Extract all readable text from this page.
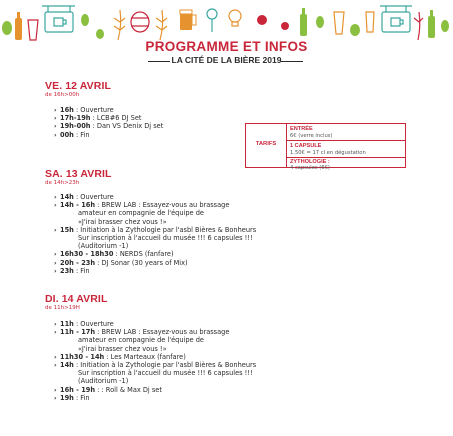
PROGRAMME ET INFOS
LA CITÉ DE LA BIÈRE 2019
VE. 12 AVRIL
de 16h>00h
› 16h : Ouverture
› 17h-19h : LCB#6 DJ Set
› 19h-00h : Dan VS Denix Dj set
› 00h : Fin
TARIFS
ENTRÉE
6€ (verre inclus)
1 CAPSULE
1.50€ = 17 cl en dégustation
ZYTHOLOGIE :
4 capsules (6€)
SA. 13 AVRIL
de 14h>23h
› 14h : Ouverture
› 14h - 16h : BREW LAB : Essayez-vous au brassage
amateur en compagnie de l'équipe de
«J'irai brasser chez vous !»
› 15h : Initiation à la Zythologie par l'asbl Bières & Bonheurs
Sur inscription à l'accueil du musée !!! 6 capsules !!!
(Auditorium -1)
› 16h30 - 18h30 : NERDS (fanfare)
› 20h - 23h : DJ Sonar (30 years of Mix)
› 23h : Fin
DI. 14 AVRIL
de 11h>19H
› 11h : Ouverture
› 11h - 17h : BREW LAB : Essayez-vous au brassage
amateur en compagnie de l'équipe de
«J'irai brasser chez vous !»
› 11h30 - 14h : Les Marteaux (fanfare)
› 14h : Initiation à la Zythologie par l'asbl Bières & Bonheurs
Sur inscription à l'accueil du musée !!! 6 capsules !!!
(Auditorium -1)
› 16h - 19h : : Roll & Max Dj set
› 19h : Fin
